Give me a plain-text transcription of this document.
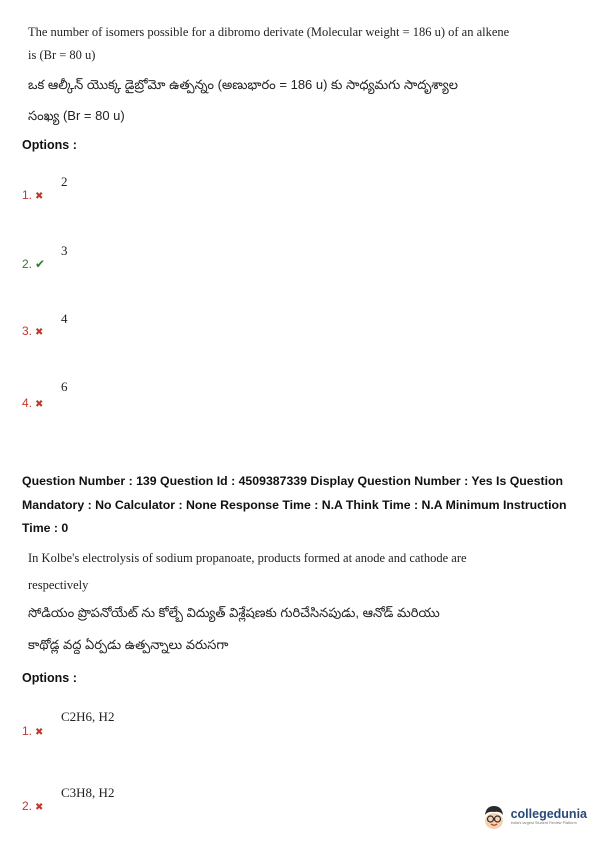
The number of isomers possible for a dibromo derivate (Molecular weight = 186 u) of an alkene
is (Br = 80 u)
ఒక ఆల్కీన్ యొక్క డైబ్రోమో ఉత్పన్నం (అణుభారం = 186 u) కు సాధ్యమగు సాదృశ్యాల
సంఖ్య (Br = 80 u)
Options :
1. ✖
2
2. ✔
3
3. ✖
4
4. ✖
6
Question Number : 139 Question Id : 4509387339 Display Question Number : Yes Is Question
Mandatory : No Calculator : None Response Time : N.A Think Time : N.A Minimum Instruction
Time : 0
In Kolbe's electrolysis of sodium propanoate, products formed at anode and cathode are
respectively
సోడియం ప్రొపనోయేట్ ను కోల్బే విద్యుత్ విశ్లేషణకు గురిచేసినపుడు, ఆనోడ్ మరియు
కాథోడ్ల వద్ద ఏర్పడు ఉత్పన్నాలు వరుసగా
Options :
1. ✖
C2H6, H2
2. ✖
C3H8, H2
collegedunia
India's largest Student Review Platform
